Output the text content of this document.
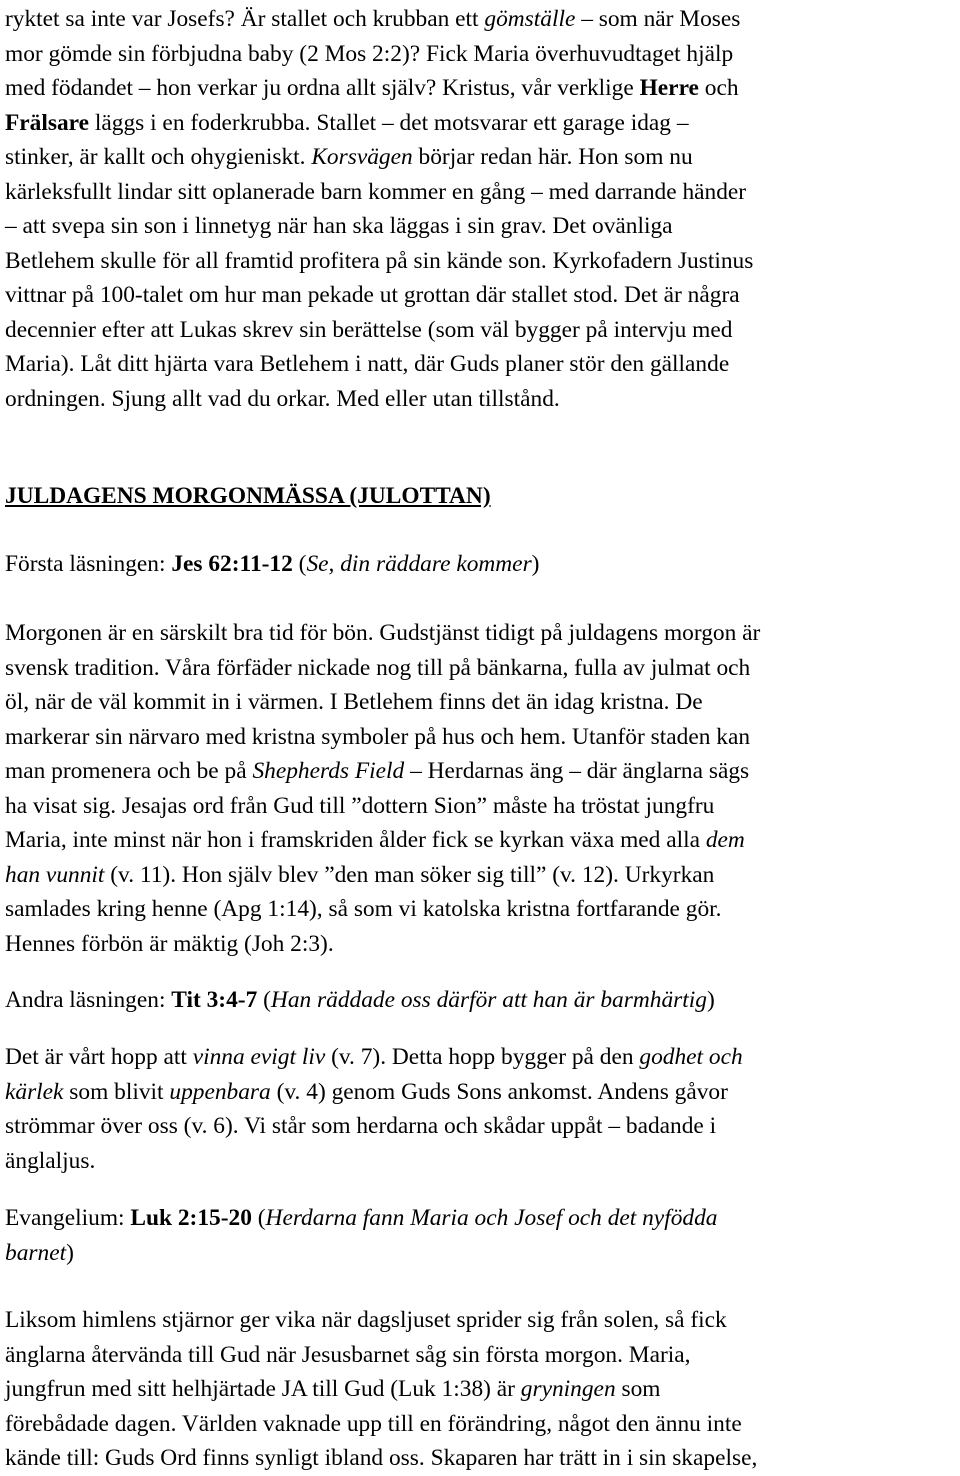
ryktet sa inte var Josefs? Är stallet och krubban ett gömställe – som när Moses
mor gömde sin förbjudna baby (2 Mos 2:2)? Fick Maria överhuvudtaget hjälp
med födandet – hon verkar ju ordna allt själv? Kristus, vår verklige Herre och
Frälsare läggs i en foderkrubba. Stallet – det motsvarar ett garage idag –
stinker, är kallt och ohygieniskt. Korsvägen börjar redan här. Hon som nu
kärleksfullt lindar sitt oplanerade barn kommer en gång – med darrande händer
– att svepa sin son i linnetyg när han ska läggas i sin grav. Det ovänliga
Betlehem skulle för all framtid profitera på sin kände son. Kyrkofadern Justinus
vittnar på 100-talet om hur man pekade ut grottan där stallet stod. Det är några
decennier efter att Lukas skrev sin berättelse (som väl bygger på intervju med
Maria). Låt ditt hjärta vara Betlehem i natt, där Guds planer stör den gällande
ordningen. Sjung allt vad du orkar. Med eller utan tillstånd.
JULDAGENS MORGONMÄSSA (JULOTTAN)
Första läsningen: Jes 62:11-12 (Se, din räddare kommer)
Morgonen är en särskilt bra tid för bön. Gudstjänst tidigt på juldagens morgon är
svensk tradition. Våra förfäder nickade nog till på bänkarna, fulla av julmat och
öl, när de väl kommit in i värmen. I Betlehem finns det än idag kristna. De
markerar sin närvaro med kristna symboler på hus och hem. Utanför staden kan
man promenera och be på Shepherds Field – Herdarnas äng – där änglarna sägs
ha visat sig. Jesajas ord från Gud till ”dottern Sion” måste ha tröstat jungfru
Maria, inte minst när hon i framskriden ålder fick se kyrkan växa med alla dem
han vunnit (v. 11). Hon själv blev ”den man söker sig till” (v. 12). Urkyrkan
samlades kring henne (Apg 1:14), så som vi katolska kristna fortfarande gör.
Hennes förbön är mäktig (Joh 2:3).
Andra läsningen: Tit 3:4-7 (Han räddade oss därför att han är barmhärtig)
Det är vårt hopp att vinna evigt liv (v. 7). Detta hopp bygger på den godhet och
kärlek som blivit uppenbara (v. 4) genom Guds Sons ankomst. Andens gåvor
strömmar över oss (v. 6). Vi står som herdarna och skådar uppåt – badande i
änglaljus.
Evangelium: Luk 2:15-20 (Herdarna fann Maria och Josef och det nyfödda
barnet)
Liksom himlens stjärnor ger vika när dagsljuset sprider sig från solen, så fick
änglarna återvända till Gud när Jesusbarnet såg sin första morgon. Maria,
jungfrun med sitt helhjärtade JA till Gud (Luk 1:38) är gryningen som
förebådade dagen. Världen vaknade upp till en förändring, något den ännu inte
kände till: Guds Ord finns synligt ibland oss. Skaparen har trätt in i sin skapelse,
